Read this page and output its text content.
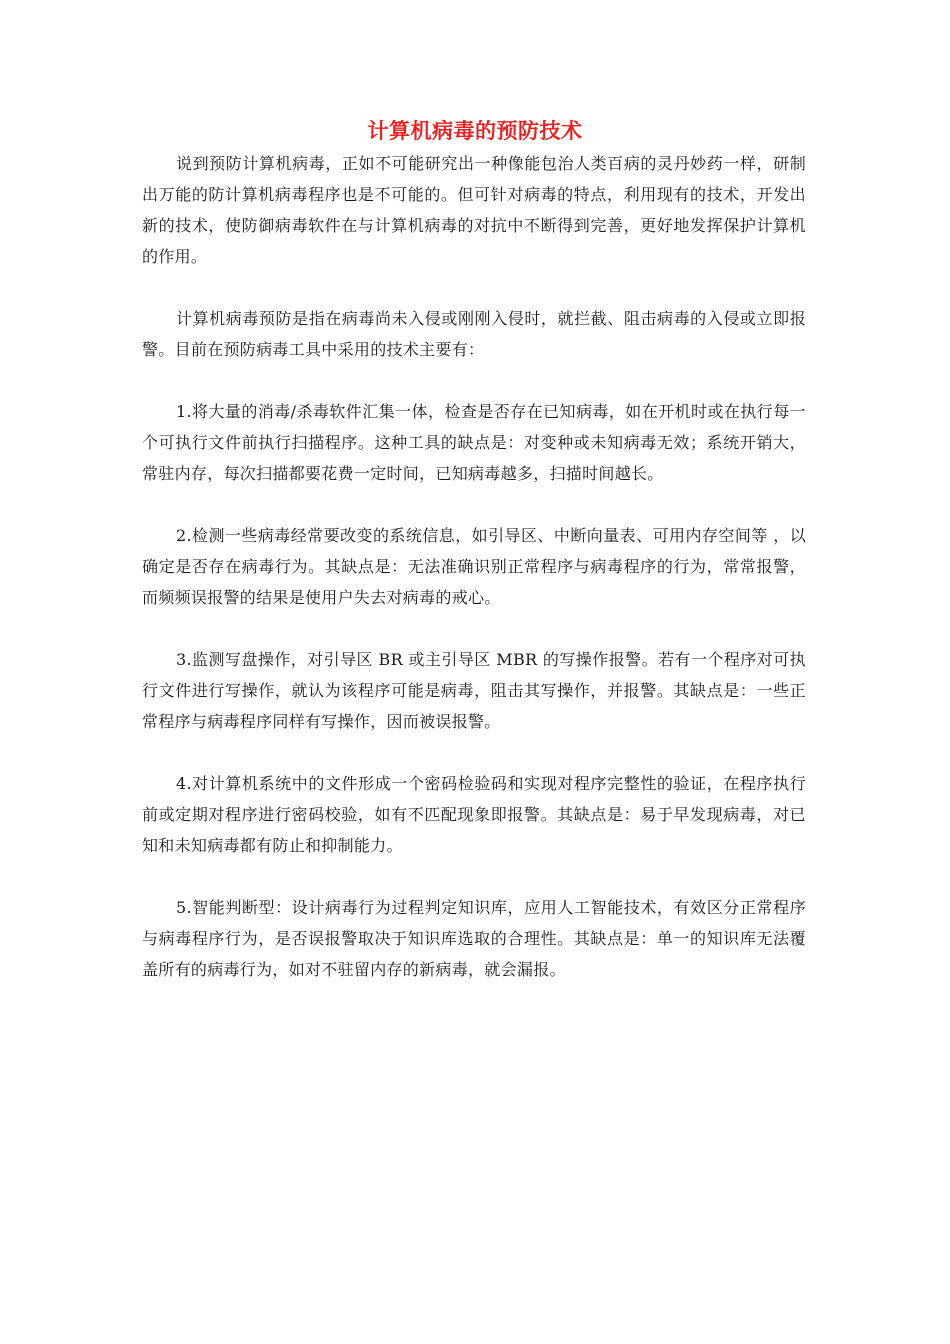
计算机病毒的预防技术

说到预防计算机病毒，正如不可能研究出一种像能包治人类百病的灵丹妙药一样，研制出万能的防计算机病毒程序也是不可能的。但可针对病毒的特点，利用现有的技术，开发出新的技术，使防御病毒软件在与计算机病毒的对抗中不断得到完善，更好地发挥保护计算机的作用。

计算机病毒预防是指在病毒尚未入侵或刚刚入侵时，就拦截、阻击病毒的入侵或立即报警。目前在预防病毒工具中采用的技术主要有：

1.将大量的消毒/杀毒软件汇集一体，检查是否存在已知病毒，如在开机时或在执行每一个可执行文件前执行扫描程序。这种工具的缺点是：对变种或未知病毒无效；系统开销大，常驻内存，每次扫描都要花费一定时间，已知病毒越多，扫描时间越长。

2.检测一些病毒经常要改变的系统信息，如引导区、中断向量表、可用内存空间等 ，以确定是否存在病毒行为。其缺点是：无法准确识别正常程序与病毒程序的行为，常常报警，而频频误报警的结果是使用户失去对病毒的戒心。

3.监测写盘操作，对引导区 BR 或主引导区 MBR 的写操作报警。若有一个程序对可执行文件进行写操作，就认为该程序可能是病毒，阻击其写操作，并报警。其缺点是：一些正常程序与病毒程序同样有写操作，因而被误报警。

4.对计算机系统中的文件形成一个密码检验码和实现对程序完整性的验证，在程序执行前或定期对程序进行密码校验，如有不匹配现象即报警。其缺点是：易于早发现病毒，对已知和未知病毒都有防止和抑制能力。

5.智能判断型：设计病毒行为过程判定知识库，应用人工智能技术，有效区分正常程序与病毒程序行为，是否误报警取决于知识库选取的合理性。其缺点是：单一的知识库无法覆盖所有的病毒行为，如对不驻留内存的新病毒，就会漏报。
